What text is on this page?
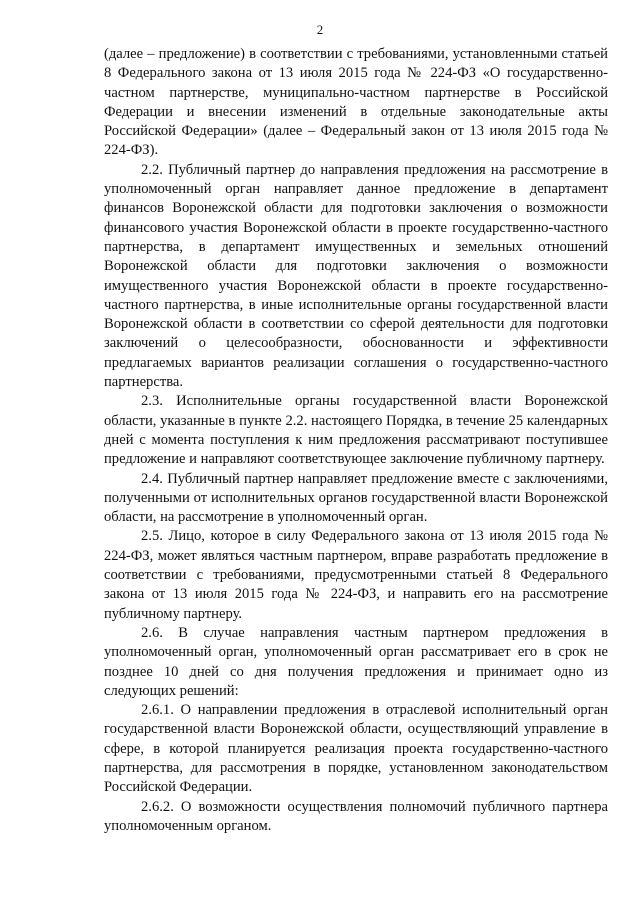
2

(далее – предложение) в соответствии с требованиями, установленными статьей 8 Федерального закона от 13 июля 2015 года № 224-ФЗ «О государственно-частном партнерстве, муниципально-частном партнерстве в Российской Федерации и внесении изменений в отдельные законодательные акты Российской Федерации» (далее – Федеральный закон от 13 июля 2015 года № 224-ФЗ).

2.2. Публичный партнер до направления предложения на рассмотрение в уполномоченный орган направляет данное предложение в департамент финансов Воронежской области для подготовки заключения о возможности финансового участия Воронежской области в проекте государственно-частного партнерства, в департамент имущественных и земельных отношений Воронежской области для подготовки заключения о возможности имущественного участия Воронежской области в проекте государственно-частного партнерства, в иные исполнительные органы государственной власти Воронежской области в соответствии со сферой деятельности для подготовки заключений о целесообразности, обоснованности и эффективности предлагаемых вариантов реализации соглашения о государственно-частного партнерства.

2.3. Исполнительные органы государственной власти Воронежской области, указанные в пункте 2.2. настоящего Порядка, в течение 25 календарных дней с момента поступления к ним предложения рассматривают поступившее предложение и направляют соответствующее заключение публичному партнеру.

2.4. Публичный партнер направляет предложение вместе с заключениями, полученными от исполнительных органов государственной власти Воронежской области, на рассмотрение в уполномоченный орган.

2.5. Лицо, которое в силу Федерального закона от 13 июля 2015 года № 224-ФЗ, может являться частным партнером, вправе разработать предложение в соответствии с требованиями, предусмотренными статьей 8 Федерального закона от 13 июля 2015 года № 224-ФЗ, и направить его на рассмотрение публичному партнеру.

2.6. В случае направления частным партнером предложения в уполномоченный орган, уполномоченный орган рассматривает его в срок не позднее 10 дней со дня получения предложения и принимает одно из следующих решений:

2.6.1. О направлении предложения в отраслевой исполнительный орган государственной власти Воронежской области, осуществляющий управление в сфере, в которой планируется реализация проекта государственно-частного партнерства, для рассмотрения в порядке, установленном законодательством Российской Федерации.

2.6.2. О возможности осуществления полномочий публичного партнера уполномоченным органом.
